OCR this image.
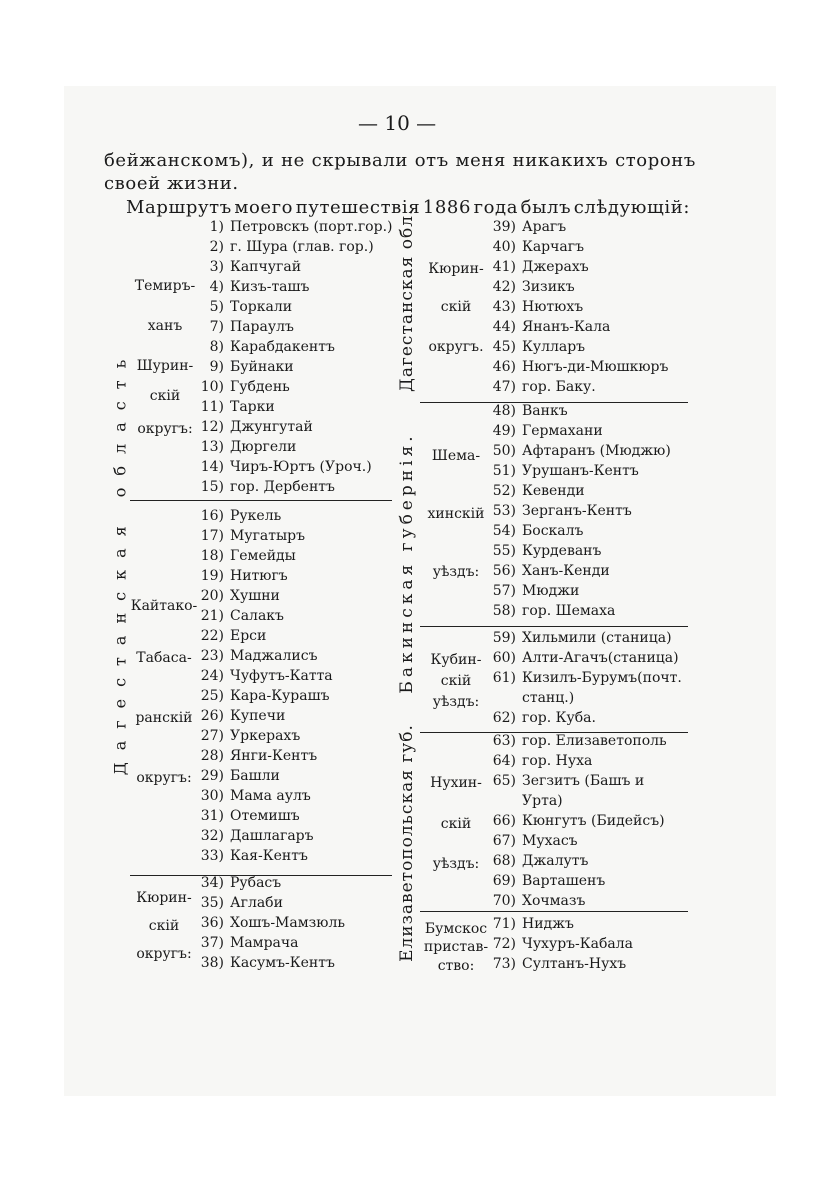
— 10 —
бейжанскомъ), и не скрывали отъ меня никакихъ сторонъ
своей жизни.
Маршрутъ моего путешествія 1886 года былъ слѣдующій:
Дагестанская область
Дагестанская обл.
Бакинская губернія.
Елизаветопольская губ.
Темиръ-
ханъ
Шурин-
скій
округъ:
1) Петровскъ (порт.гор.)
2) г. Шура (глав. гор.)
3) Капчугай
4) Кизъ-ташъ
5) Торкали
7) Параулъ
8) Карабдакентъ
9) Буйнаки
10) Губдень
11) Тарки
12) Джунгутай
13) Дюргели
14) Чиръ-Юртъ (Уроч.)
15) гор. Дербентъ
Кайтако-
Табаса-
ранскій
округъ:
16) Рукель
17) Мугатыръ
18) Гемейды
19) Нитюгъ
20) Хушни
21) Салакъ
22) Ерси
23) Маджалисъ
24) Чуфутъ-Катта
25) Кара-Курашъ
26) Купечи
27) Уркерахъ
28) Янги-Кентъ
29) Башли
30) Мама аулъ
31) Отемишъ
32) Дашлагаръ
33) Кая-Кентъ
Кюрин-
скій
округъ:
34) Рубасъ
35) Аглаби
36) Хошъ-Мамзюль
37) Мамрача
38) Касумъ-Кентъ
Кюрин-
скій
округъ.
39) Арагъ
40) Карчагъ
41) Джерахъ
42) Зизикъ
43) Нютюхъ
44) Янанъ-Кала
45) Кулларъ
46) Нюгъ-ди-Мюшкюръ
47) гор. Баку.
Шема-
хинскій
уѣздъ:
48) Ванкъ
49) Гермахани
50) Афтаранъ (Мюджю)
51) Урушанъ-Кентъ
52) Кевенди
53) Зерганъ-Кентъ
54) Боскалъ
55) Курдеванъ
56) Ханъ-Кенди
57) Мюджи
58) гор. Шемаха
Кубин-
скій
уѣздъ:
59) Хильмили (станица)
60) Алти-Агачъ(станица)
61) Кизилъ-Бурумъ(почт.
станц.)
62) гор. Куба.
Нухин-
скій
уѣздъ:
63) гор. Елизаветополь
64) гор. Нуха
65) Зегзитъ (Башъ и
Урта)
66) Кюнгутъ (Бидейсъ)
67) Мухасъ
68) Джалутъ
69) Варташенъ
70) Хочмазъ
Бумскос
пристав-
ство:
71) Ниджъ
72) Чухуръ-Кабала
73) Султанъ-Нухъ
